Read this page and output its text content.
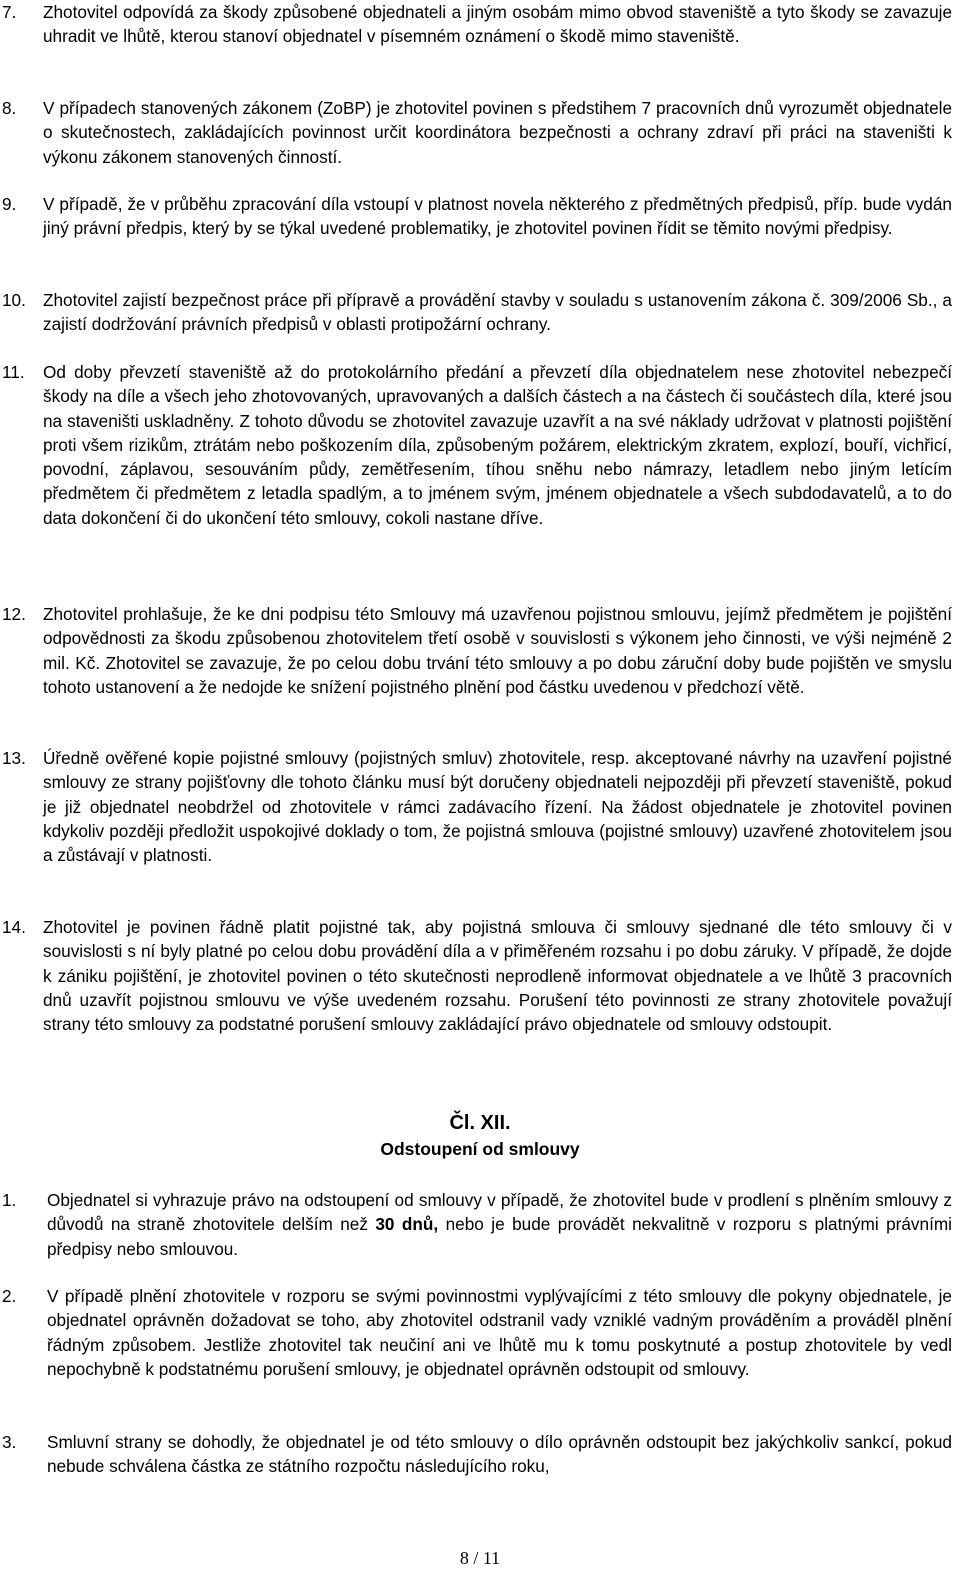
7. Zhotovitel odpovídá za škody způsobené objednateli a jiným osobám mimo obvod staveniště a tyto škody se zavazuje uhradit ve lhůtě, kterou stanoví objednatel v písemném oznámení o škodě mimo staveniště.
8. V případech stanovených zákonem (ZoBP) je zhotovitel povinen s předstihem 7 pracovních dnů vyrozumět objednatele o skutečnostech, zakládajících povinnost určit koordinátora bezpečnosti a ochrany zdraví při práci na staveništi k výkonu zákonem stanovených činností.
9. V případě, že v průběhu zpracování díla vstoupí v platnost novela některého z předmětných předpisů, příp. bude vydán jiný právní předpis, který by se týkal uvedené problematiky, je zhotovitel povinen řídit se těmito novými předpisy.
10. Zhotovitel zajistí bezpečnost práce při přípravě a provádění stavby v souladu s ustanovením zákona č. 309/2006 Sb., a zajistí dodržování právních předpisů v oblasti protipožární ochrany.
11. Od doby převzetí staveniště až do protokolárního předání a převzetí díla objednatelem nese zhotovitel nebezpečí škody na díle a všech jeho zhotovovaných, upravovaných a dalších částech a na částech či součástech díla, které jsou na staveništi uskladněny. Z tohoto důvodu se zhotovitel zavazuje uzavřít a na své náklady udržovat v platnosti pojištění proti všem rizikům, ztrátám nebo poškozením díla, způsobeným požárem, elektrickým zkratem, explozí, bouří, vichřicí, povodní, záplavou, sesouváním půdy, zemětřesením, tíhou sněhu nebo námrazy, letadlem nebo jiným letícím předmětem či předmětem z letadla spadlým, a to jménem svým, jménem objednatele a všech subdodavatelů, a to do data dokončení či do ukončení této smlouvy, cokoli nastane dříve.
12. Zhotovitel prohlašuje, že ke dni podpisu této Smlouvy má uzavřenou pojistnou smlouvu, jejímž předmětem je pojištění odpovědnosti za škodu způsobenou zhotovitelem třetí osobě v souvislosti s výkonem jeho činnosti, ve výši nejméně 2 mil. Kč. Zhotovitel se zavazuje, že po celou dobu trvání této smlouvy a po dobu záruční doby bude pojištěn ve smyslu tohoto ustanovení a že nedojde ke snížení pojistného plnění pod částku uvedenou v předchozí větě.
13. Úředně ověřené kopie pojistné smlouvy (pojistných smluv) zhotovitele, resp. akceptované návrhy na uzavření pojistné smlouvy ze strany pojišťovny dle tohoto článku musí být doručeny objednateli nejpozději při převzetí staveniště, pokud je již objednatel neobdržel od zhotovitele v rámci zadávacího řízení. Na žádost objednatele je zhotovitel povinen kdykoliv později předložit uspokojivé doklady o tom, že pojistná smlouva (pojistné smlouvy) uzavřené zhotovitelem jsou a zůstávají v platnosti.
14. Zhotovitel je povinen řádně platit pojistné tak, aby pojistná smlouva či smlouvy sjednané dle této smlouvy či v souvislosti s ní byly platné po celou dobu provádění díla a v přiměřeném rozsahu i po dobu záruky. V případě, že dojde k zániku pojištění, je zhotovitel povinen o této skutečnosti neprodleně informovat objednatele a ve lhůtě 3 pracovních dnů uzavřít pojistnou smlouvu ve výše uvedeném rozsahu. Porušení této povinnosti ze strany zhotovitele považují strany této smlouvy za podstatné porušení smlouvy zakládající právo objednatele od smlouvy odstoupit.
Čl. XII.
Odstoupení od smlouvy
1. Objednatel si vyhrazuje právo na odstoupení od smlouvy v případě, že zhotovitel bude v prodlení s plněním smlouvy z důvodů na straně zhotovitele delším než 30 dnů, nebo je bude provádět nekvalitně v rozporu s platnými právními předpisy nebo smlouvou.
2. V případě plnění zhotovitele v rozporu se svými povinnostmi vyplývajícími z této smlouvy dle pokyny objednatele, je objednatel oprávněn dožadovat se toho, aby zhotovitel odstranil vady vzniklé vadným prováděním a prováděl plnění řádným způsobem. Jestliže zhotovitel tak neučiní ani ve lhůtě mu k tomu poskytnuté a postup zhotovitele by vedl nepochybně k podstatnému porušení smlouvy, je objednatel oprávněn odstoupit od smlouvy.
3. Smluvní strany se dohodly, že objednatel je od této smlouvy o dílo oprávněn odstoupit bez jakýchkoliv sankcí, pokud nebude schválena částka ze státního rozpočtu následujícího roku,
8 / 11
